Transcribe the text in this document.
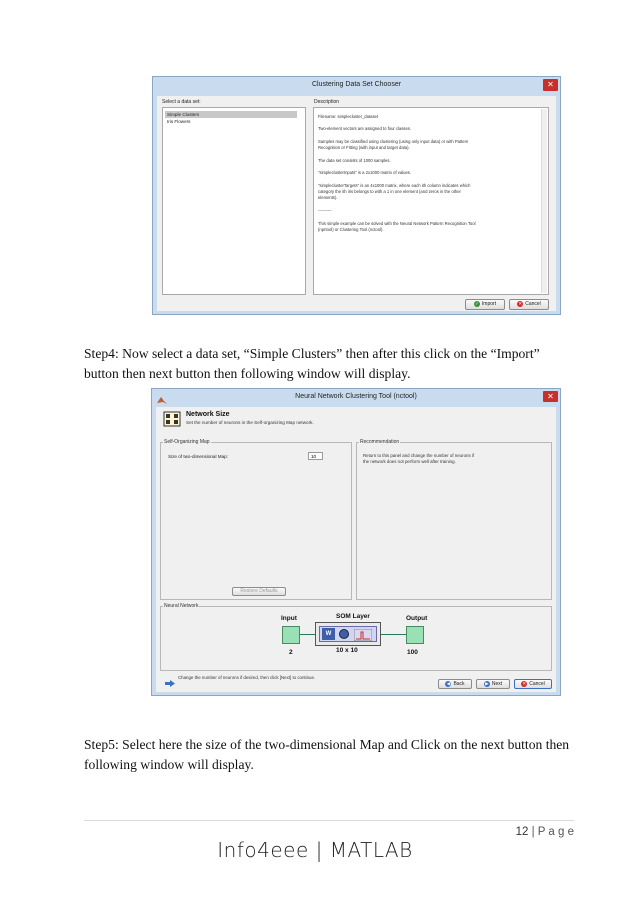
Clustering Data Set Chooser	✕
Select a data set:
Simple Clusters
Iris Flowers
Description
Filename: simplecluster_dataset
Two-element vectors are assigned to four classes.
Samples may be classified using clustering (using only input data) or with Pattern
Recognition or Fitting (with input and target data).
The data set consists of 1000 samples.
"simpleclusterInputs" is a 2x1000 matrix of values.
"simpleclusterTargets" is an 4x1000 matrix, where each ith column indicates which
category the ith iris belongs to with a 1 in one element (and zeros in the other
elements).
----------
This simple example can be solved with the Neural Network Pattern Recognition Tool
(nprtool) or Clustering Tool (nctool).
✓ Import	✕ Cancel

Step4: Now select a data set, “Simple Clusters” then after this click on the “Import” button then next button then following window will display.

Neural Network Clustering Tool (nctool)	✕
Network Size
Set the number of neurons in the Self-organizing Map network.
Self-Organizing Map
Size of two-dimensional Map:	10
Restore Defaults
Recommendation
Return to this panel and change the number of neurons if
the network does not perform well after training.
Neural Network
Input	SOM Layer	Output
W
2	10 x 10	100
Change the number of neurons if desired, then click [Next] to continue.
◀ Back	▶ Next	✕ Cancel

Step5: Select here the size of the two-dimensional Map and Click on the next button then following window will display.

12 | P a g e
Info4eee | MATLAB
